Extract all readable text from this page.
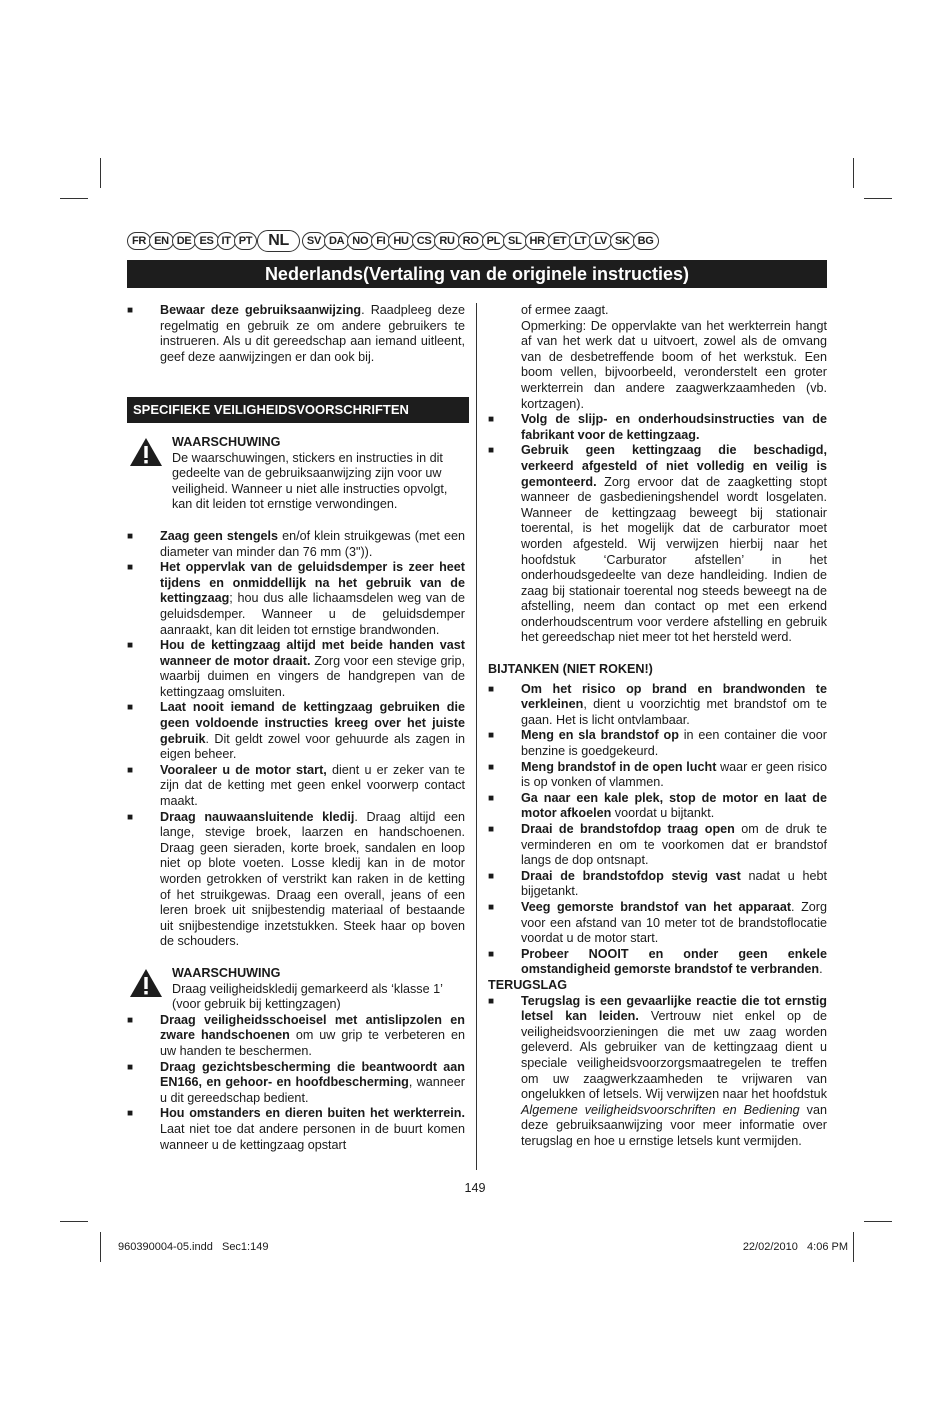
FR EN DE ES IT PT	NL	SV DA NO FI HU CS RU RO PL SL HR ET LT LV SK BG
Nederlands(Vertaling van de originele instructies)
■ Bewaar deze gebruiksaanwijzing. Raadpleeg deze regelmatig en gebruik ze om andere gebruikers te instrueren. Als u dit gereedschap aan iemand uitleent, geef deze aanwijzingen er dan ook bij.
SPECIFIEKE VEILIGHEIDSVOORSCHRIFTEN
WAARSCHUWING
De waarschuwingen, stickers en instructies in dit gedeelte van de gebruiksaanwijzing zijn voor uw veiligheid. Wanneer u niet alle instructies opvolgt, kan dit leiden tot ernstige verwondingen.
■ Zaag geen stengels en/of klein struikgewas (met een diameter van minder dan 76 mm (3")).
■ Het oppervlak van de geluidsdemper is zeer heet tijdens en onmiddellijk na het gebruik van de kettingzaag; hou dus alle lichaamsdelen weg van de geluidsdemper. Wanneer u de geluidsdemper aanraakt, kan dit leiden tot ernstige brandwonden.
■ Hou de kettingzaag altijd met beide handen vast wanneer de motor draait. Zorg voor een stevige grip, waarbij duimen en vingers de handgrepen van de kettingzaag omsluiten.
■ Laat nooit iemand de kettingzaag gebruiken die geen voldoende instructies kreeg over het juiste gebruik. Dit geldt zowel voor gehuurde als zagen in eigen beheer.
■ Vooraleer u de motor start, dient u er zeker van te zijn dat de ketting met geen enkel voorwerp contact maakt.
■ Draag nauwaansluitende kledij. Draag altijd een lange, stevige broek, laarzen en handschoenen. Draag geen sieraden, korte broek, sandalen en loop niet op blote voeten. Losse kledij kan in de motor worden getrokken of verstrikt kan raken in de ketting of het struikgewas. Draag een overall, jeans of een leren broek uit snijbestendig materiaal of bestaande uit snijbestendige inzetstukken. Steek haar op boven de schouders.
WAARSCHUWING
Draag veiligheidskledij gemarkeerd als ‘klasse 1’ (voor gebruik bij kettingzagen)
■ Draag veiligheidsschoeisel met antislipzolen en zware handschoenen om uw grip te verbeteren en uw handen te beschermen.
■ Draag gezichtsbescherming die beantwoordt aan EN166, en gehoor- en hoofdbescherming, wanneer u dit gereedschap bedient.
■ Hou omstanders en dieren buiten het werkterrein. Laat niet toe dat andere personen in de buurt komen wanneer u de kettingzaag opstart
of ermee zaagt.
Opmerking: De oppervlakte van het werkterrein hangt af van het werk dat u uitvoert, zowel als de omvang van de desbetreffende boom of het werkstuk. Een boom vellen, bijvoorbeeld, veronderstelt een groter werkterrein dan andere zaagwerkzaamheden (vb. kortzagen).
■ Volg de slijp- en onderhoudsinstructies van de fabrikant voor de kettingzaag.
■ Gebruik geen kettingzaag die beschadigd, verkeerd afgesteld of niet volledig en veilig is gemonteerd. Zorg ervoor dat de zaagketting stopt wanneer de gasbedieningshendel wordt losgelaten. Wanneer de kettingzaag beweegt bij stationair toerental, is het mogelijk dat de carburator moet worden afgesteld. Wij verwijzen hierbij naar het hoofdstuk ‘Carburator afstellen’ in het onderhoudsgedeelte van deze handleiding. Indien de zaag bij stationair toerental nog steeds beweegt na de afstelling, neem dan contact op met een erkend onderhoudscentrum voor verdere afstelling en gebruik het gereedschap niet meer tot het hersteld werd.
BIJTANKEN (NIET ROKEN!)
■ Om het risico op brand en brandwonden te verkleinen, dient u voorzichtig met brandstof om te gaan. Het is licht ontvlambaar.
■ Meng en sla brandstof op in een container die voor benzine is goedgekeurd.
■ Meng brandstof in de open lucht waar er geen risico is op vonken of vlammen.
■ Ga naar een kale plek, stop de motor en laat de motor afkoelen voordat u bijtankt.
■ Draai de brandstofdop traag open om de druk te verminderen en om te voorkomen dat er brandstof langs de dop ontsnapt.
■ Draai de brandstofdop stevig vast nadat u hebt bijgetankt.
■ Veeg gemorste brandstof van het apparaat. Zorg voor een afstand van 10 meter tot de brandstoflocatie voordat u de motor start.
■ Probeer NOOIT en onder geen enkele omstandigheid gemorste brandstof te verbranden.
TERUGSLAG
■ Terugslag is een gevaarlijke reactie die tot ernstig letsel kan leiden. Vertrouw niet enkel op de veiligheidsvoorzieningen die met uw zaag worden geleverd. Als gebruiker van de kettingzaag dient u speciale veiligheidsvoorzorgsmaatregelen te treffen om uw zaagwerkzaamheden te vrijwaren van ongelukken of letsels. Wij verwijzen naar het hoofdstuk Algemene veiligheidsvoorschriften en Bediening van deze gebruiksaanwijzing voor meer informatie over terugslag en hoe u ernstige letsels kunt vermijden.
149
960390004-05.indd   Sec1:149	22/02/2010   4:06 PM
